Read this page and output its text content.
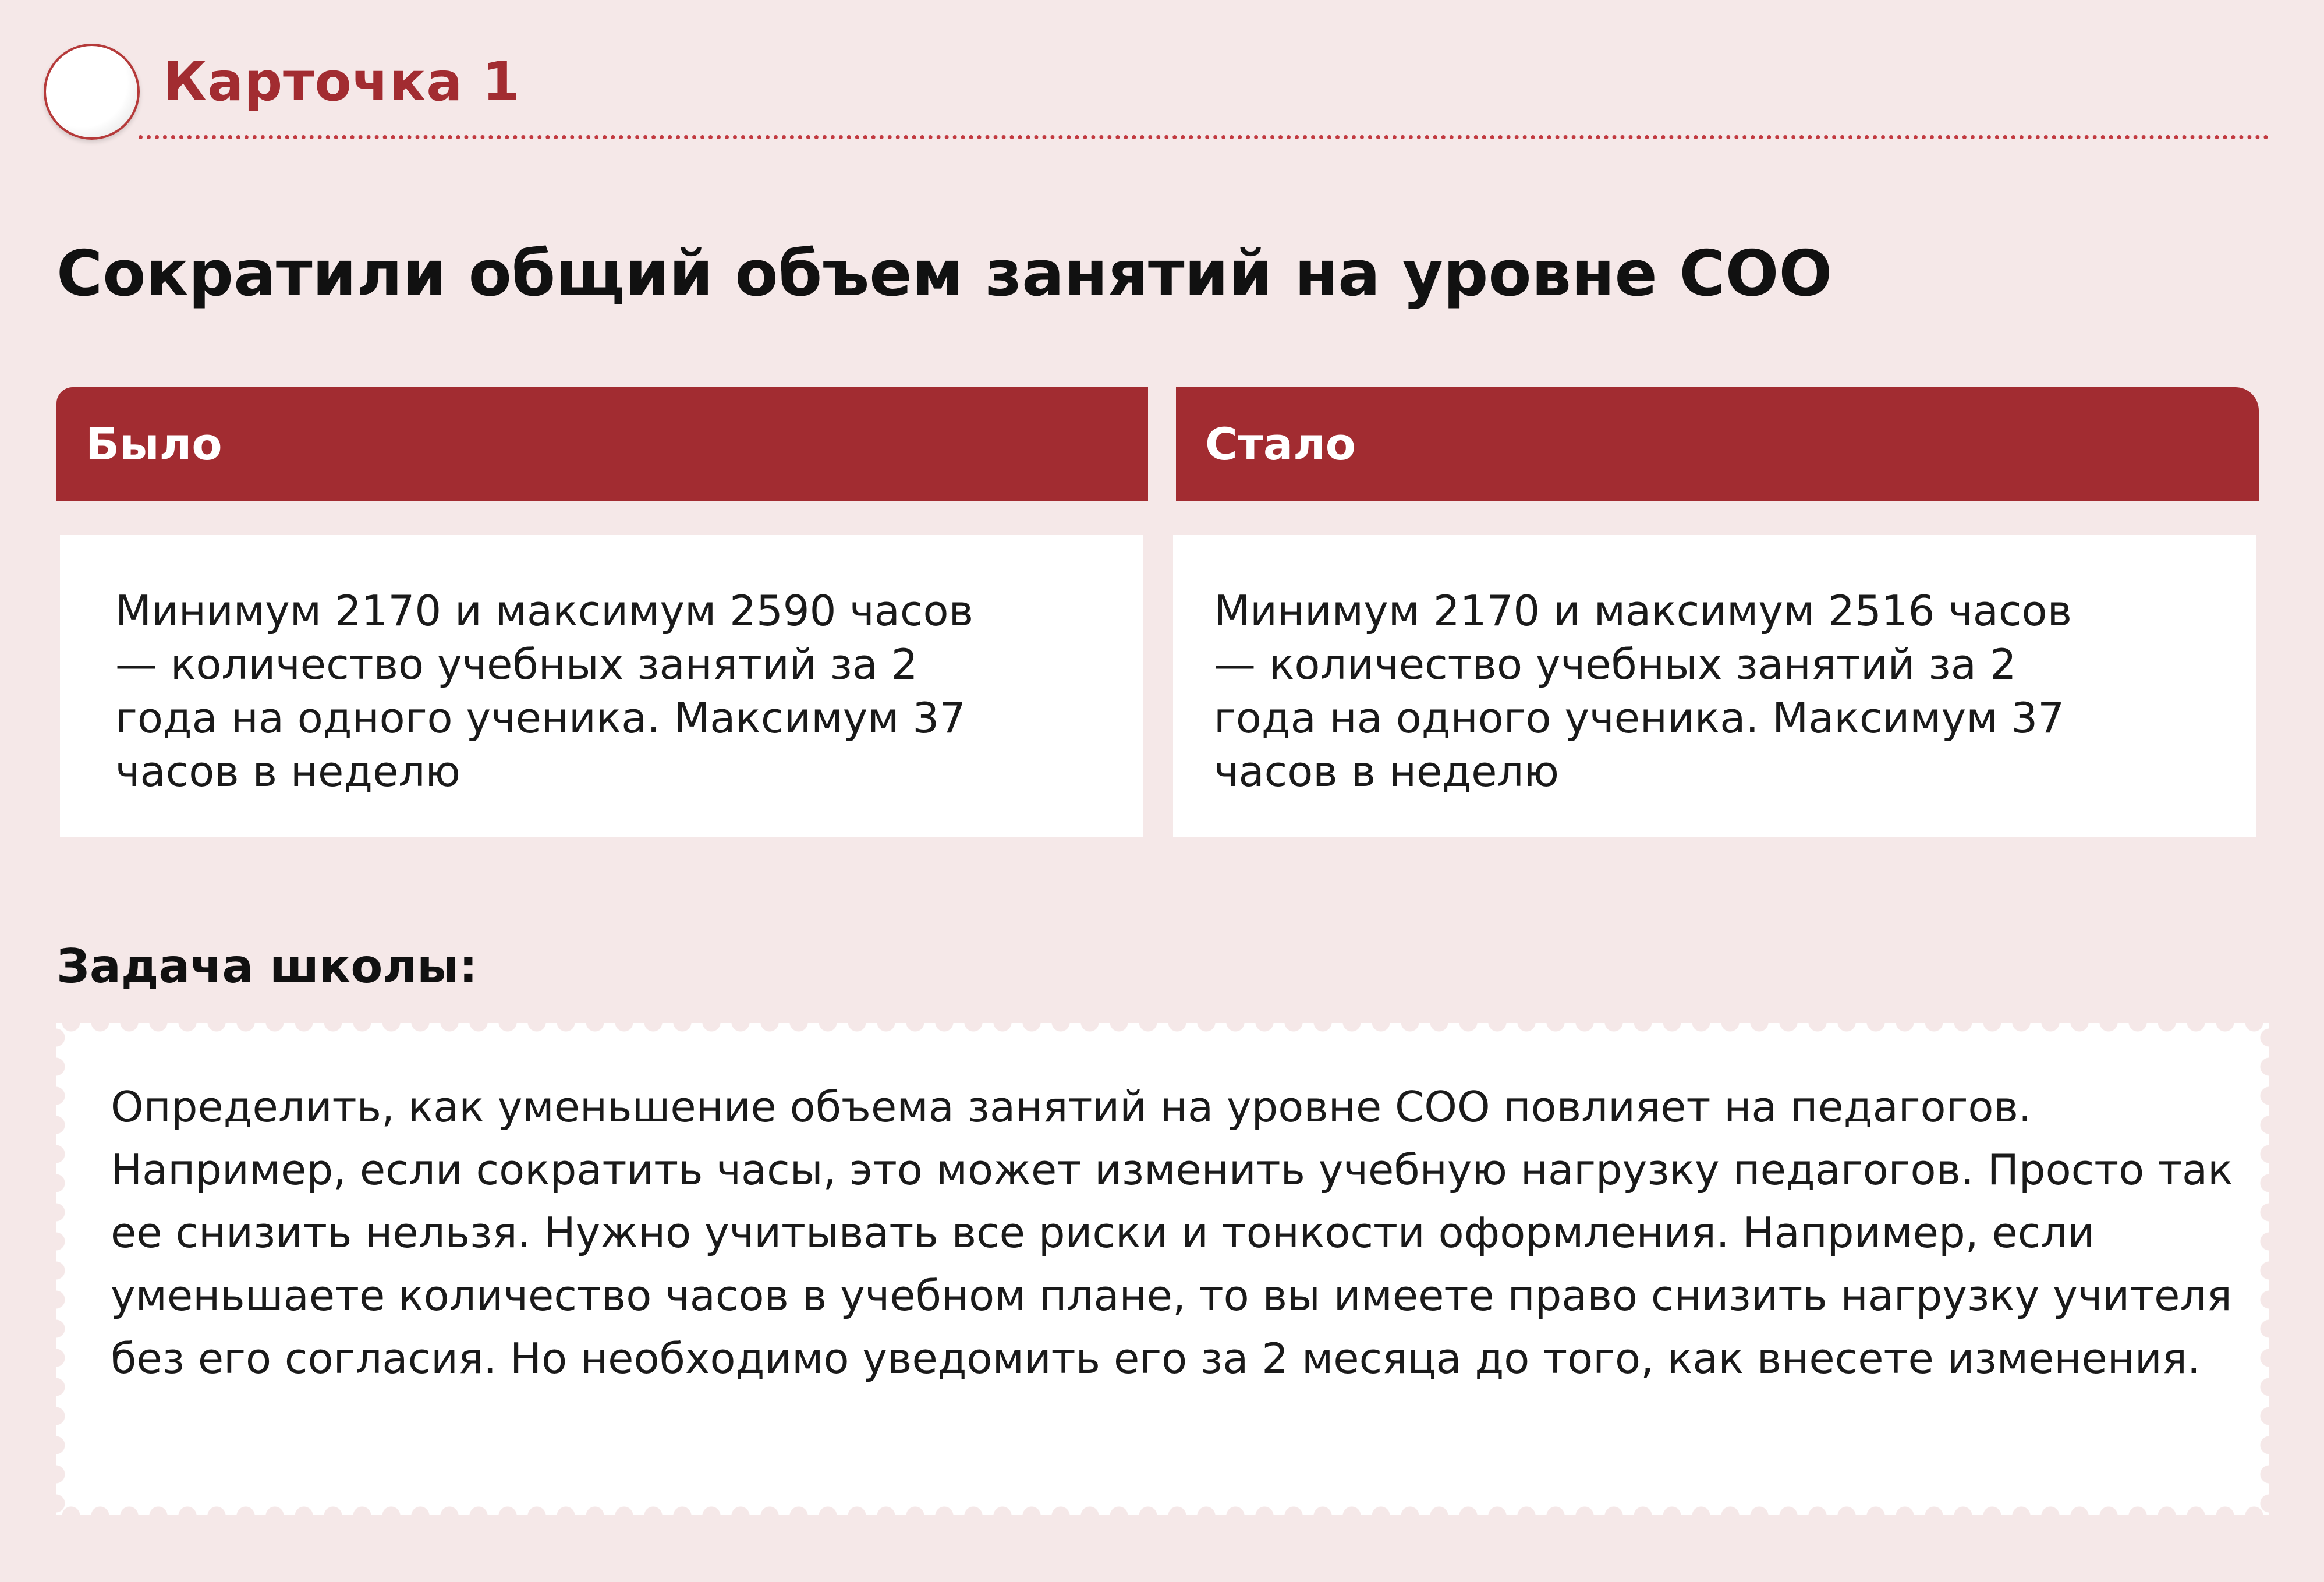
Карточка 1
Сократили общий объем занятий на уровне СОО
Было	Стало

Минимум 2170 и максимум 2590 часов — количество учебных занятий за 2 года на одного ученика. Максимум 37 часов в неделю

Минимум 2170 и максимум 2516 часов — количество учебных занятий за 2 года на одного ученика. Максимум 37 часов в неделю

Задача школы:

Определить, как уменьшение объема занятий на уровне СОО повлияет на педагогов. Например, если сократить часы, это может изменить учебную нагрузку педагогов. Просто так ее снизить нельзя. Нужно учитывать все риски и тонкости оформления. Например, если уменьшаете количество часов в учебном плане, то вы имеете право снизить нагрузку учителя без его согласия. Но необходимо уведомить его за 2 месяца до того, как внесете изменения.
